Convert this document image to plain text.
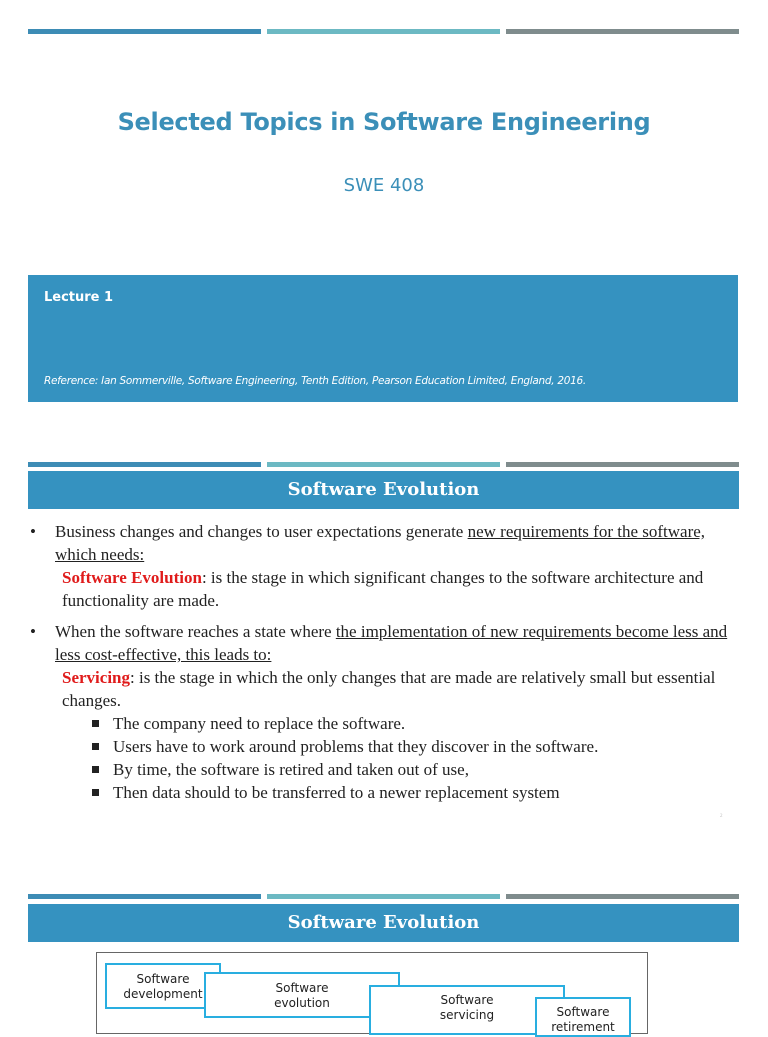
Selected Topics in Software Engineering
SWE 408
Lecture 1
Reference: Ian Sommerville, Software Engineering, Tenth Edition, Pearson Education Limited, England, 2016.
Software Evolution
• Business changes and changes to user expectations generate new requirements for the software, which needs:
Software Evolution: is the stage in which significant changes to the software architecture and functionality are made.
• When the software reaches a state where the implementation of new requirements become less and less cost-effective, this leads to:
Servicing: is the stage in which the only changes that are made are relatively small but essential changes.
The company need to replace the software.
Users have to work around problems that they discover in the software.
By time, the software is retired and taken out of use,
Then data should to be transferred to a newer replacement system
2
Software Evolution
Software
development	Software
evolution	Software
servicing	Software
retirement
